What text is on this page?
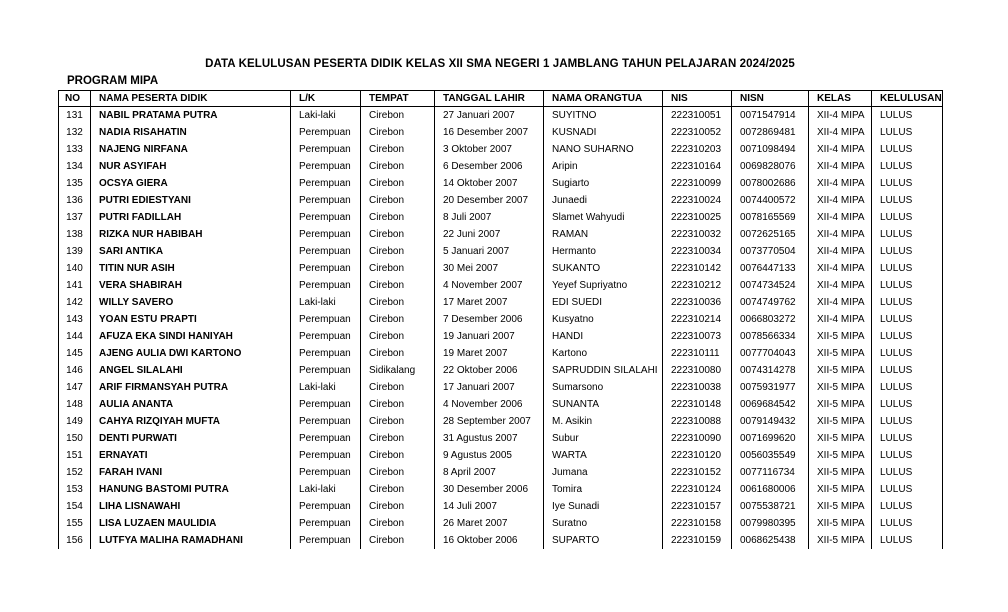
DATA KELULUSAN PESERTA DIDIK KELAS XII SMA NEGERI 1 JAMBLANG TAHUN PELAJARAN 2024/2025
PROGRAM MIPA
NO	NAMA PESERTA DIDIK	L/K	TEMPAT	TANGGAL LAHIR	NAMA ORANGTUA	NIS	NISN	KELAS	KELULUSAN
131	NABIL PRATAMA PUTRA	Laki-laki	Cirebon	27 Januari 2007	SUYITNO	222310051	0071547914	XII-4 MIPA	LULUS
132	NADIA RISAHATIN	Perempuan	Cirebon	16 Desember 2007	KUSNADI	222310052	0072869481	XII-4 MIPA	LULUS
133	NAJENG NIRFANA	Perempuan	Cirebon	3 Oktober 2007	NANO SUHARNO	222310203	0071098494	XII-4 MIPA	LULUS
134	NUR ASYIFAH	Perempuan	Cirebon	6 Desember 2006	Aripin	222310164	0069828076	XII-4 MIPA	LULUS
135	OCSYA GIERA	Perempuan	Cirebon	14 Oktober 2007	Sugiarto	222310099	0078002686	XII-4 MIPA	LULUS
136	PUTRI EDIESTYANI	Perempuan	Cirebon	20 Desember 2007	Junaedi	222310024	0074400572	XII-4 MIPA	LULUS
137	PUTRI FADILLAH	Perempuan	Cirebon	8 Juli 2007	Slamet Wahyudi	222310025	0078165569	XII-4 MIPA	LULUS
138	RIZKA NUR HABIBAH	Perempuan	Cirebon	22 Juni 2007	RAMAN	222310032	0072625165	XII-4 MIPA	LULUS
139	SARI ANTIKA	Perempuan	Cirebon	5 Januari 2007	Hermanto	222310034	0073770504	XII-4 MIPA	LULUS
140	TITIN NUR ASIH	Perempuan	Cirebon	30 Mei 2007	SUKANTO	222310142	0076447133	XII-4 MIPA	LULUS
141	VERA SHABIRAH	Perempuan	Cirebon	4 November 2007	Yeyef Supriyatno	222310212	0074734524	XII-4 MIPA	LULUS
142	WILLY SAVERO	Laki-laki	Cirebon	17 Maret 2007	EDI SUEDI	222310036	0074749762	XII-4 MIPA	LULUS
143	YOAN ESTU PRAPTI	Perempuan	Cirebon	7 Desember 2006	Kusyatno	222310214	0066803272	XII-4 MIPA	LULUS
144	AFUZA EKA SINDI HANIYAH	Perempuan	Cirebon	19 Januari 2007	HANDI	222310073	0078566334	XII-5 MIPA	LULUS
145	AJENG AULIA DWI KARTONO	Perempuan	Cirebon	19 Maret 2007	Kartono	222310111	0077704043	XII-5 MIPA	LULUS
146	ANGEL SILALAHI	Perempuan	Sidikalang	22 Oktober 2006	SAPRUDDIN SILALAHI	222310080	0074314278	XII-5 MIPA	LULUS
147	ARIF FIRMANSYAH PUTRA	Laki-laki	Cirebon	17 Januari 2007	Sumarsono	222310038	0075931977	XII-5 MIPA	LULUS
148	AULIA ANANTA	Perempuan	Cirebon	4 November 2006	SUNANTA	222310148	0069684542	XII-5 MIPA	LULUS
149	CAHYA RIZQIYAH MUFTA	Perempuan	Cirebon	28 September 2007	M. Asikin	222310088	0079149432	XII-5 MIPA	LULUS
150	DENTI PURWATI	Perempuan	Cirebon	31 Agustus 2007	Subur	222310090	0071699620	XII-5 MIPA	LULUS
151	ERNAYATI	Perempuan	Cirebon	9 Agustus 2005	WARTA	222310120	0056035549	XII-5 MIPA	LULUS
152	FARAH IVANI	Perempuan	Cirebon	8 April 2007	Jumana	222310152	0077116734	XII-5 MIPA	LULUS
153	HANUNG BASTOMI PUTRA	Laki-laki	Cirebon	30 Desember 2006	Tomira	222310124	0061680006	XII-5 MIPA	LULUS
154	LIHA LISNAWAHI	Perempuan	Cirebon	14 Juli 2007	Iye Sunadi	222310157	0075538721	XII-5 MIPA	LULUS
155	LISA LUZAEN MAULIDIA	Perempuan	Cirebon	26 Maret 2007	Suratno	222310158	0079980395	XII-5 MIPA	LULUS
156	LUTFYA MALIHA RAMADHANI	Perempuan	Cirebon	16 Oktober 2006	SUPARTO	222310159	0068625438	XII-5 MIPA	LULUS
